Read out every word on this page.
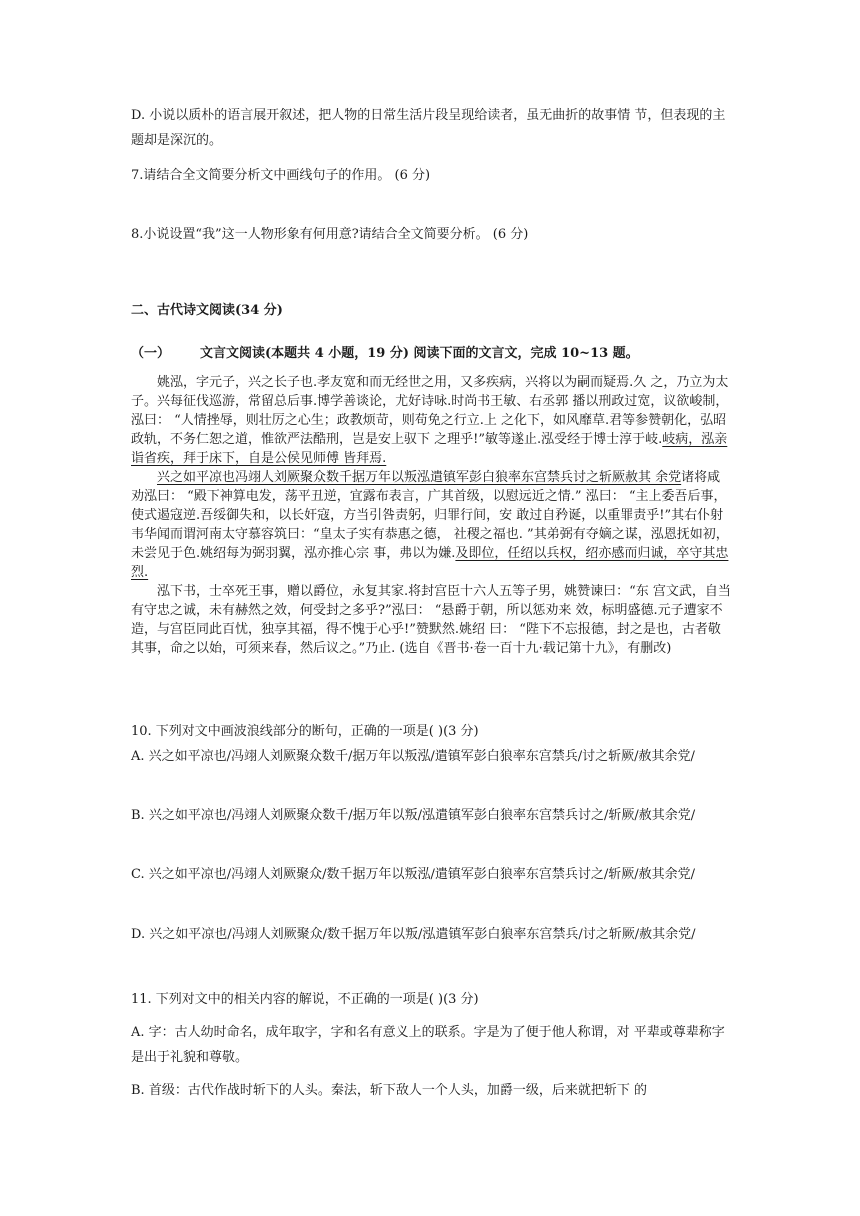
D. 小说以质朴的语言展开叙述，把人物的日常生活片段呈现给读者，虽无曲折的故事情 节，但表现的主题却是深沉的。

7.请结合全文简要分析文中画线句子的作用。 (6 分)

8.小说设置“我”这一人物形象有何用意?请结合全文简要分析。 (6 分)

二、古代诗文阅读(34 分)

（一） 文言文阅读(本题共 4 小题，19 分) 阅读下面的文言文，完成 10~13 题。

姚泓，字元子，兴之长子也.孝友宽和而无经世之用，又多疾病，兴将以为嗣而疑焉.久 之，乃立为太子。兴每征伐巡游，常留总后事.博学善谈论，尤好诗咏.时尚书王敏、右丞郭 播以刑政过宽，议欲峻制，泓曰： “人情挫辱，则壮厉之心生；政教烦苛，则苟免之行立.上 之化下，如风靡草.君等参赞朝化，弘昭政轨，不务仁恕之道，惟欲严法酷刑，岂是安上驭下 之理乎!”敏等遂止.泓受经于博士淳于岐.岐病，泓亲诣省疾，拜于床下，自是公侯见师傅 皆拜焉.

兴之如平凉也冯翊人刘厥聚众数千据万年以叛泓遣镇军彭白狼率东宫禁兵讨之斩厥赦其 余党诸将咸劝泓曰： “殿下神算电发，荡平丑逆，宜露布表言，广其首级，以慰远近之情.” 泓曰： “主上委吾后事，使式遏寇逆.吾绥御失和，以长奸寇，方当引咎责躬，归罪行间，安 敢过自矜诞，以重罪责乎!”其右仆射韦华闻而谓河南太守慕容筑曰：“皇太子实有恭惠之德， 社稷之福也. ”其弟弼有夺嫡之谋，泓恩抚如初，未尝见于色.姚绍每为弼羽翼，泓亦推心宗 事，弗以为嫌.及即位，任绍以兵权，绍亦感而归诚，卒守其忠烈.

泓下书，士卒死王事，赠以爵位，永复其家.将封宫臣十六人五等子男，姚赞谏曰：“东 宫文武，自当有守忠之诚，未有赫然之效，何受封之多乎?”泓曰： “悬爵于朝，所以惩劝来 效，标明盛德.元子遭家不造，与宫臣同此百忧，独享其福，得不愧于心乎!”赞默然.姚绍 曰： “陛下不忘报德，封之是也，古者敬其事，命之以始，可须来春，然后议之。”乃止. (选自《晋书·卷一百十九·载记第十九》，有删改)

10. 下列对文中画波浪线部分的断句，正确的一项是( )(3 分)

A. 兴之如平凉也/冯翊人刘厥聚众数千/据万年以叛泓/遣镇军彭白狼率东宫禁兵/讨之斩厥/赦其余党/

B. 兴之如平凉也/冯翊人刘厥聚众数千/据万年以叛/泓遣镇军彭白狼率东宫禁兵讨之/斩厥/赦其余党/

C. 兴之如平凉也/冯翊人刘厥聚众/数千据万年以叛泓/遣镇军彭白狼率东宫禁兵讨之/斩厥/赦其余党/

D. 兴之如平凉也/冯翊人刘厥聚众/数千据万年以叛/泓遣镇军彭白狼率东宫禁兵/讨之斩厥/赦其余党/

11. 下列对文中的相关内容的解说，不正确的一项是( )(3 分)

A. 字：古人幼时命名，成年取字，字和名有意义上的联系。字是为了便于他人称谓，对 平辈或尊辈称字是出于礼貌和尊敬。

B. 首级：古代作战时斩下的人头。秦法，斩下敌人一个人头，加爵一级，后来就把斩下 的
